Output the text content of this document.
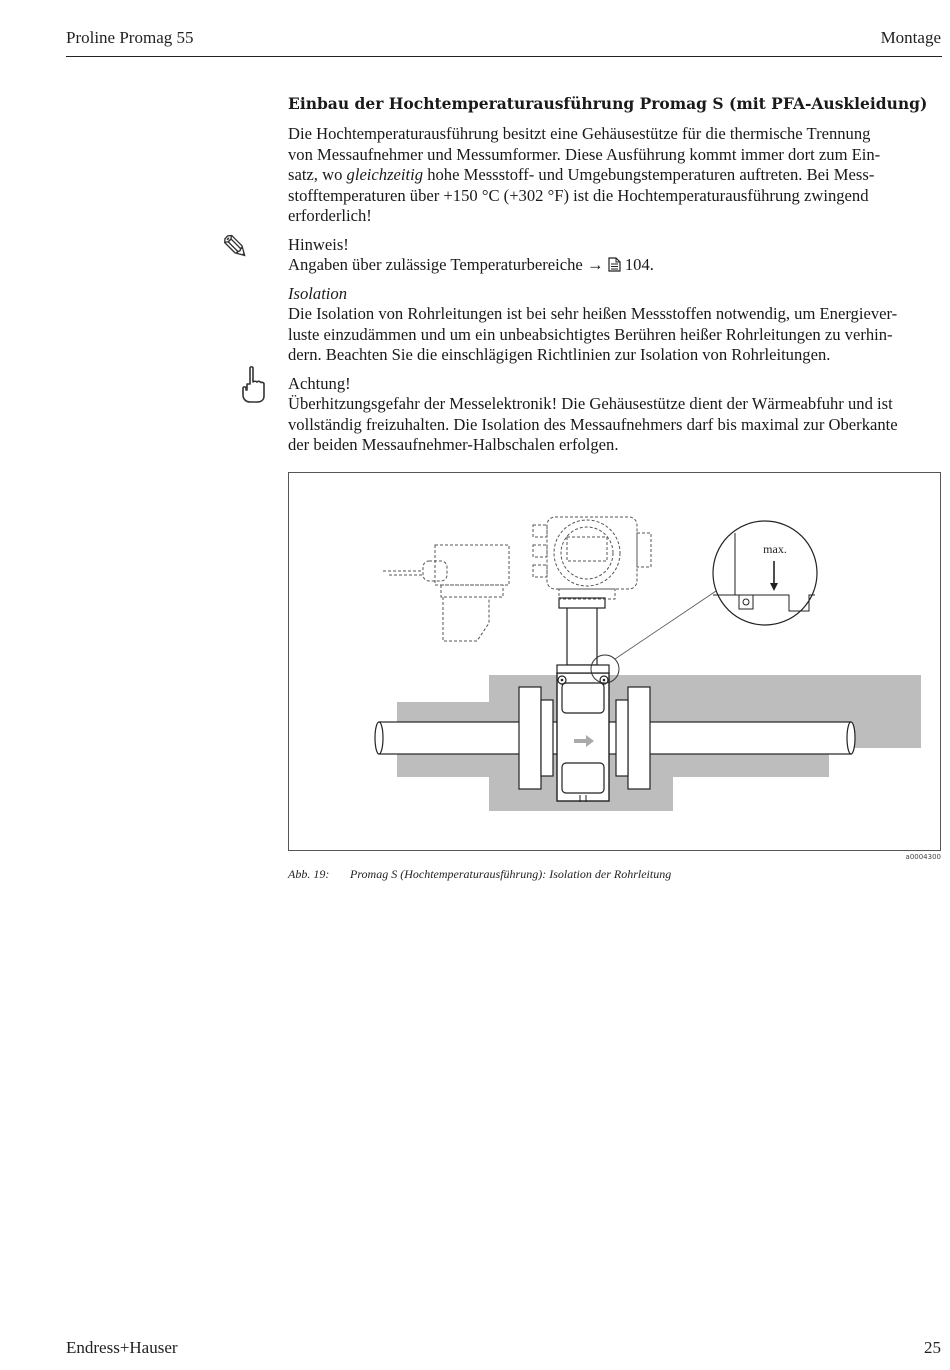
Proline Promag 55	Montage
Einbau der Hochtemperaturausführung Promag S (mit PFA-Auskleidung)
Die Hochtemperaturausführung besitzt eine Gehäusestütze für die thermische Trennung
von Messaufnehmer und Messumformer. Diese Ausführung kommt immer dort zum Ein-
satz, wo gleichzeitig hohe Messstoff- und Umgebungstemperaturen auftreten. Bei Mess-
stofftemperaturen über +150 °C (+302 °F) ist die Hochtemperaturausführung zwingend
erforderlich!
✎ Hinweis!
Angaben über zulässige Temperaturbereiche → 104.
Isolation
Die Isolation von Rohrleitungen ist bei sehr heißen Messstoffen notwendig, um Energiever-
luste einzudämmen und um ein unbeabsichtigtes Berühren heißer Rohrleitungen zu verhin-
dern. Beachten Sie die einschlägigen Richtlinien zur Isolation von Rohrleitungen.
Achtung!
Überhitzungsgefahr der Messelektronik! Die Gehäusestütze dient der Wärmeabfuhr und ist
vollständig freizuhalten. Die Isolation des Messaufnehmers darf bis maximal zur Oberkante
der beiden Messaufnehmer-Halbschalen erfolgen.
max.
a0004300
Abb. 19: Promag S (Hochtemperaturausführung): Isolation der Rohrleitung
Endress+Hauser	25
